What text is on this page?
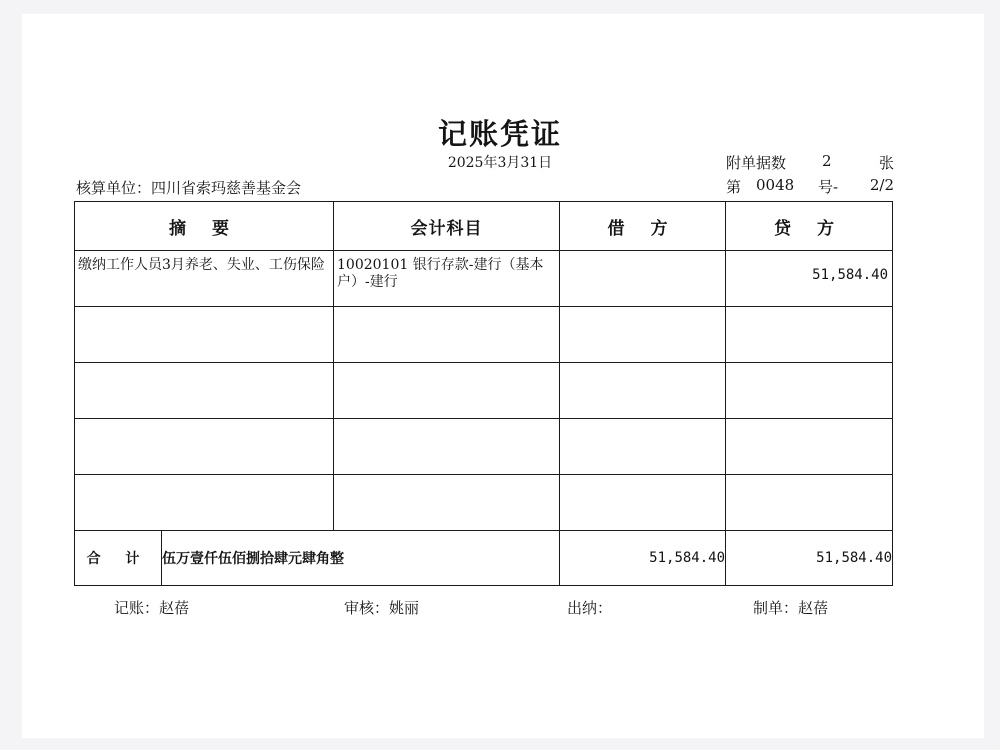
记账凭证
2025年3月31日
核算单位：四川省索玛慈善基金会
附单据数 2	张
第 0048 号- 2/2
摘 要		会计科目	借 方	贷 方

缴纳工作人员3月养老、失业、工伤保险		10020101 银行存款-建行（基本户）-建行		51,584.40

合 计	伍万壹仟伍佰捌拾肆元肆角整		51,584.40	51,584.40
记账：赵蓓	审核：姚丽	出纳：	制单：赵蓓
